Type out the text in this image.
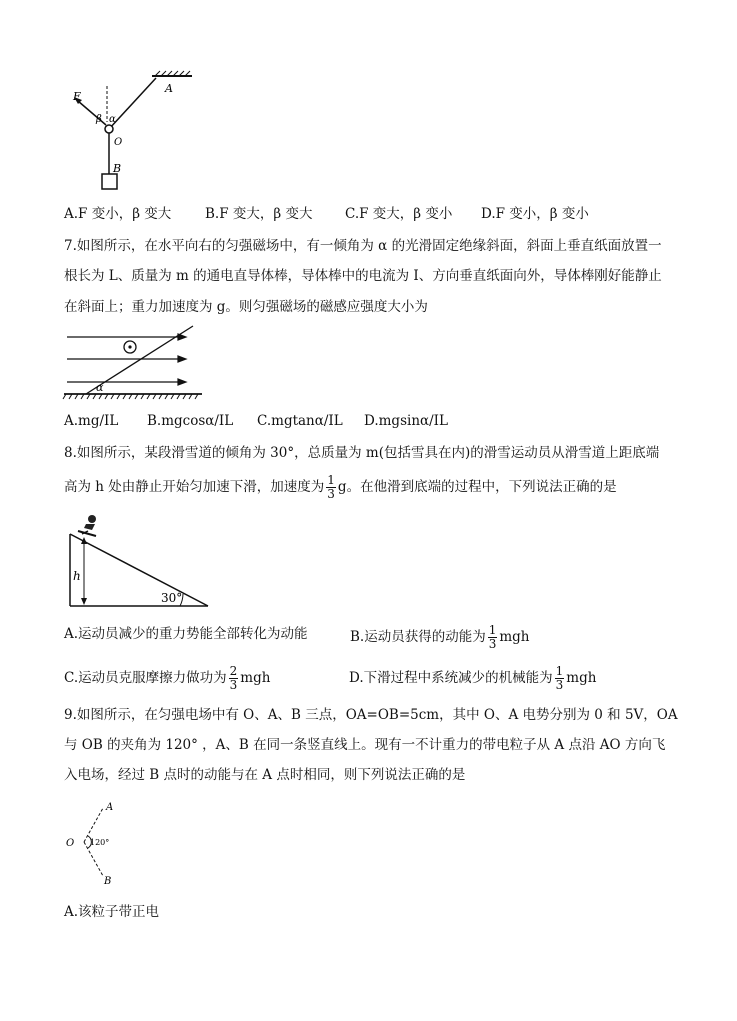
F
β α
O
A
B
A.F 变小，β 变大 B.F 变大，β 变大 C.F 变大，β 变小 D.F 变小，β 变小
7.如图所示，在水平向右的匀强磁场中，有一倾角为 α 的光滑固定绝缘斜面，斜面上垂直纸面放置一
根长为 L、质量为 m 的通电直导体棒，导体棒中的电流为 I、方向垂直纸面向外，导体棒刚好能静止
在斜面上；重力加速度为 g。则匀强磁场的磁感应强度大小为
α
A.mg/IL B.mgcosα/IL C.mgtanα/IL D.mgsinα/IL
8.如图所示，某段滑雪道的倾角为 30°，总质量为 m(包括雪具在内)的滑雪运动员从滑雪道上距底端
高为 h 处由静止开始匀加速下滑，加速度为 $\frac{1}{3}$ g。在他滑到底端的过程中，下列说法正确的是
h
30°
A.运动员减少的重力势能全部转化为动能	B.运动员获得的动能为 $\frac{1}{3}$ mgh
C.运动员克服摩擦力做功为 $\frac{2}{3}$ mgh	D.下滑过程中系统减少的机械能为 $\frac{1}{3}$ mgh
9.如图所示，在匀强电场中有 O、A、B 三点，OA=OB=5cm，其中 O、A 电势分别为 0 和 5V，OA
与 OB 的夹角为 120° ，A、B 在同一条竖直线上。现有一不计重力的带电粒子从 A 点沿 AO 方向飞
入电场，经过 B 点时的动能与在 A 点时相同，则下列说法正确的是
A
O 120°
B
A.该粒子带正电
